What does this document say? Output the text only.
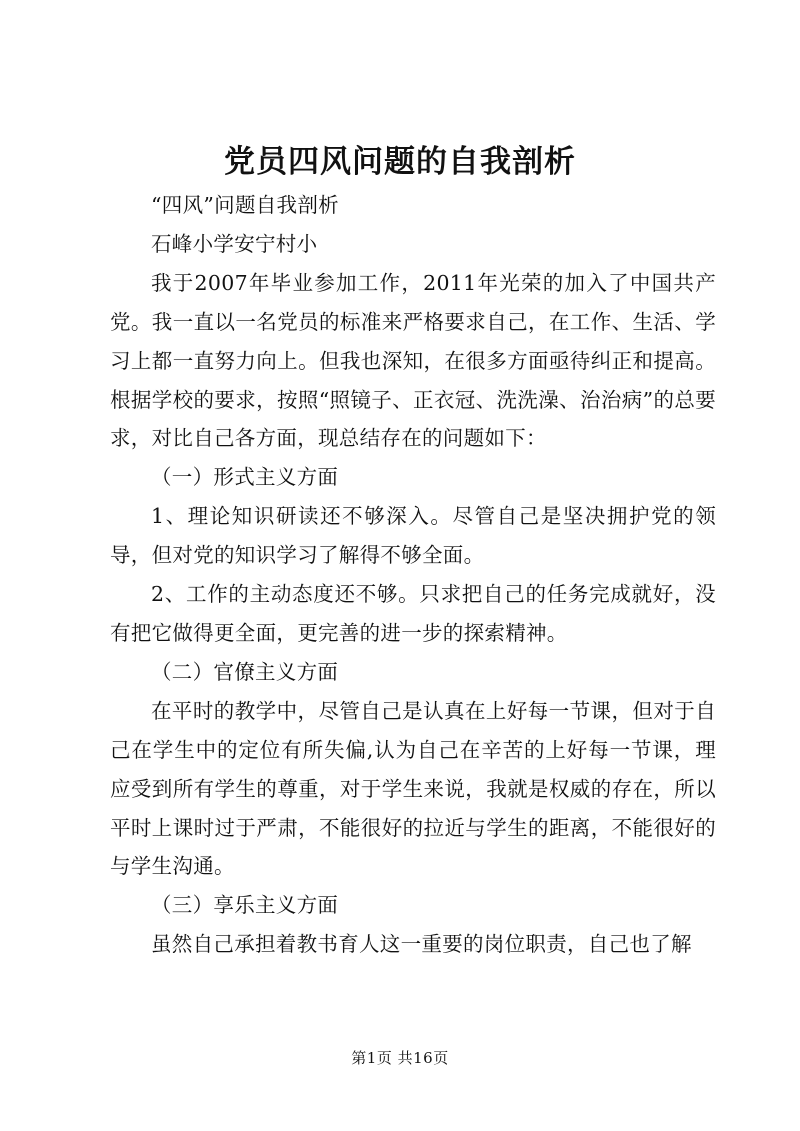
党员四风问题的自我剖析

“四风”问题自我剖析

石峰小学安宁村小

我于2007年毕业参加工作，2011年光荣的加入了中国共产党。我一直以一名党员的标准来严格要求自己，在工作、生活、学习上都一直努力向上。但我也深知，在很多方面亟待纠正和提高。根据学校的要求，按照“照镜子、正衣冠、洗洗澡、治治病”的总要求，对比自己各方面，现总结存在的问题如下：

（一）形式主义方面

1、理论知识研读还不够深入。尽管自己是坚决拥护党的领导，但对党的知识学习了解得不够全面。

2、工作的主动态度还不够。只求把自己的任务完成就好，没有把它做得更全面，更完善的进一步的探索精神。

（二）官僚主义方面

在平时的教学中，尽管自己是认真在上好每一节课，但对于自己在学生中的定位有所失偏,认为自己在辛苦的上好每一节课，理应受到所有学生的尊重，对于学生来说，我就是权威的存在，所以平时上课时过于严肃，不能很好的拉近与学生的距离，不能很好的与学生沟通。

（三）享乐主义方面

虽然自己承担着教书育人这一重要的岗位职责，自己也了解

第1页 共16页
